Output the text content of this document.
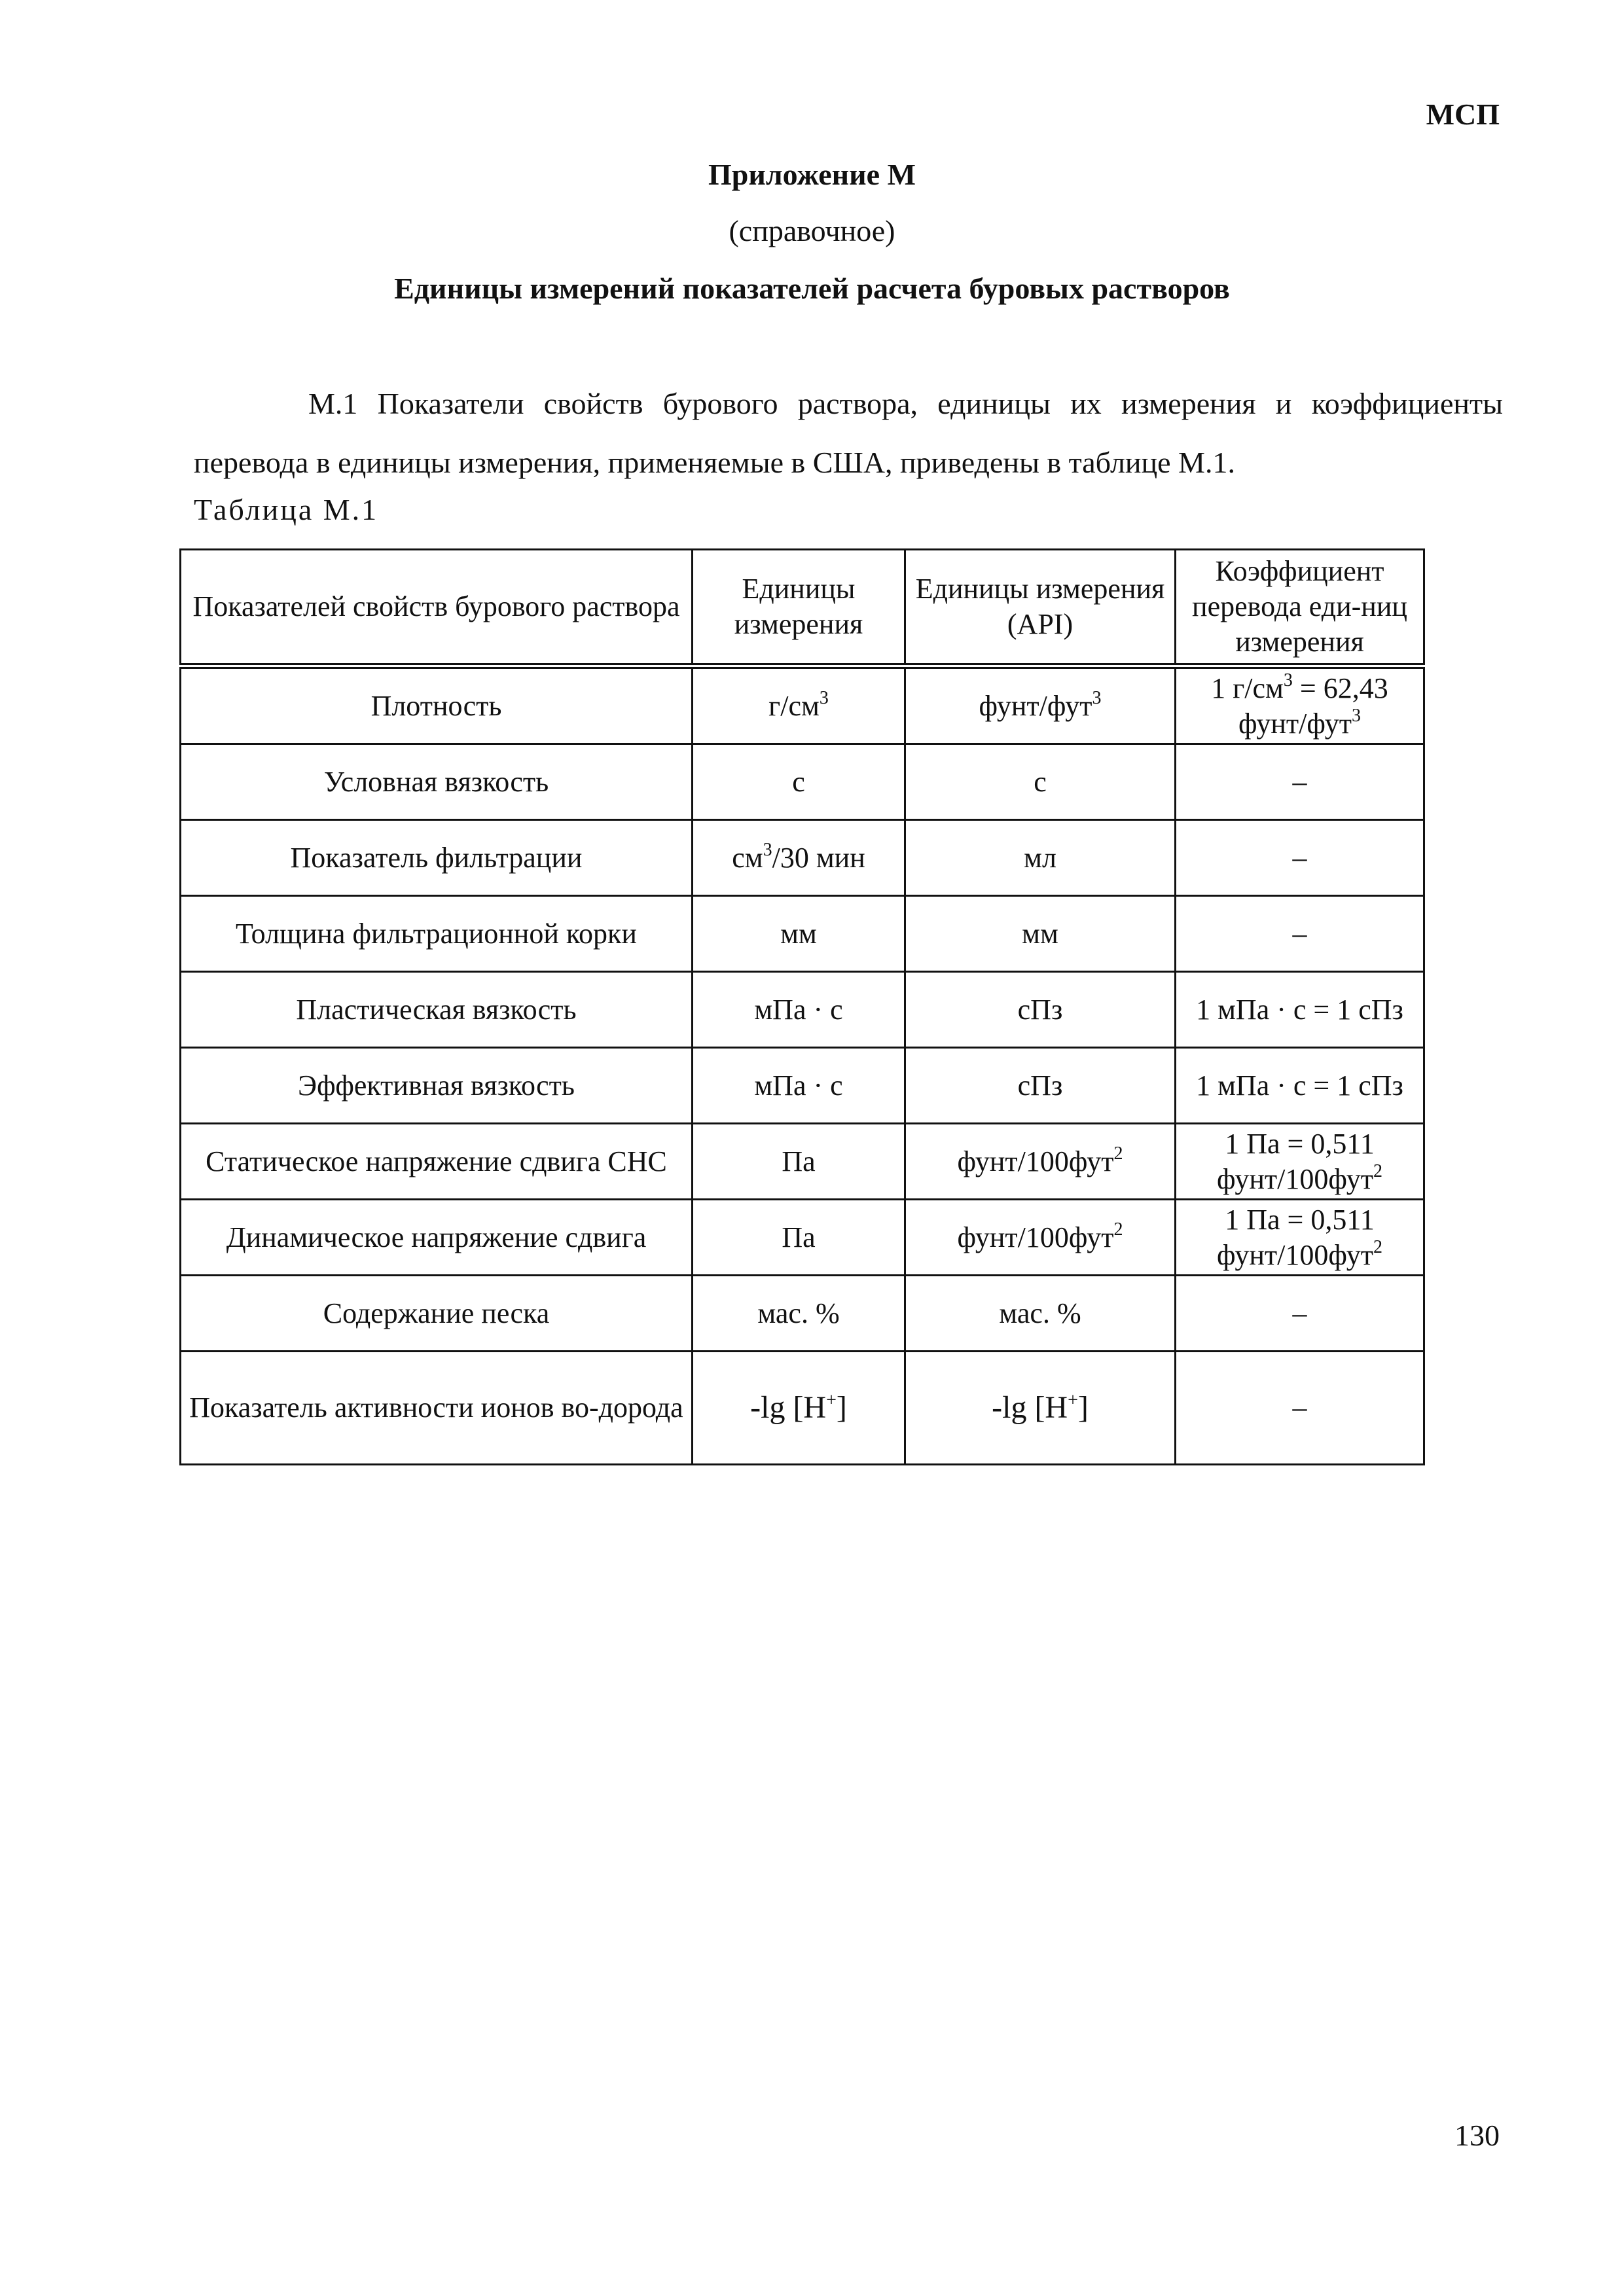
МСП
Приложение М
(справочное)
Единицы измерений показателей расчета буровых растворов
М.1 Показатели свойств бурового раствора, единицы их измерения и коэффициенты перевода в единицы измерения, применяемые в США, приведены в таблице М.1.
Таблица М.1
Показателей свойств бурового раствора	Единицы измерения	Единицы измерения (API)	Коэффициент перевода еди-ниц измерения
Плотность	$г/см^3$	фунт/фут$^3$	1 $г/см^3 = 62,43$ фунт/фут$^3$
Условная вязкость	с	с	–
Показатель фильтрации	$см^3/30$ мин	мл	–
Толщина фильтрационной корки	мм	мм	–
Пластическая вязкость	мПа · с	сПз	1 мПа · с = 1 сПз
Эффективная вязкость	мПа · с	сПз	1 мПа · с = 1 сПз
Статическое напряжение сдвига СНС	Па	фунт/100фут$^2$	1 Па = 0,511 фунт/100фут$^2$
Динамическое напряжение сдвига	Па	фунт/100фут$^2$	1 Па = 0,511 фунт/100фут$^2$
Содержание песка	мас. %	мас. %	–
Показатель активности ионов во-дорода	-lg [H+]	-lg [H+]	–
130
